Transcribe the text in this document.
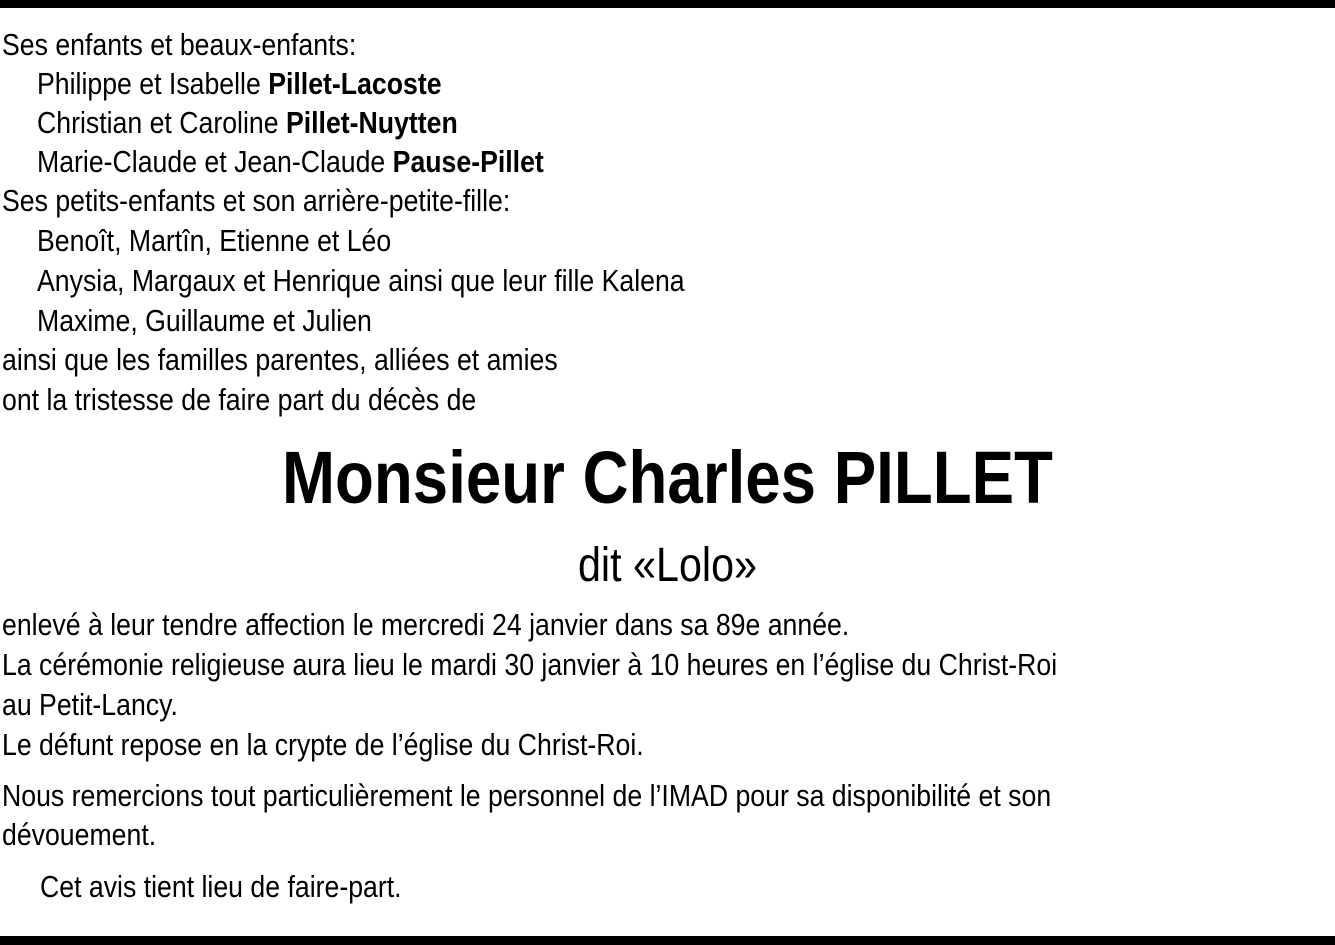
Ses enfants et beaux-enfants:
Philippe et Isabelle Pillet-Lacoste
Christian et Caroline Pillet-Nuytten
Marie-Claude et Jean-Claude Pause-Pillet
Ses petits-enfants et son arrière-petite-fille:
Benoît, Martîn, Etienne et Léo
Anysia, Margaux et Henrique ainsi que leur fille Kalena
Maxime, Guillaume et Julien
ainsi que les familles parentes, alliées et amies
ont la tristesse de faire part du décès de
Monsieur Charles PILLET
dit «Lolo»
enlevé à leur tendre affection le mercredi 24 janvier dans sa 89e année.
La cérémonie religieuse aura lieu le mardi 30 janvier à 10 heures en l’église du Christ-Roi
au Petit-Lancy.
Le défunt repose en la crypte de l’église du Christ-Roi.
Nous remercions tout particulièrement le personnel de l’IMAD pour sa disponibilité et son
dévouement.
Cet avis tient lieu de faire-part.
